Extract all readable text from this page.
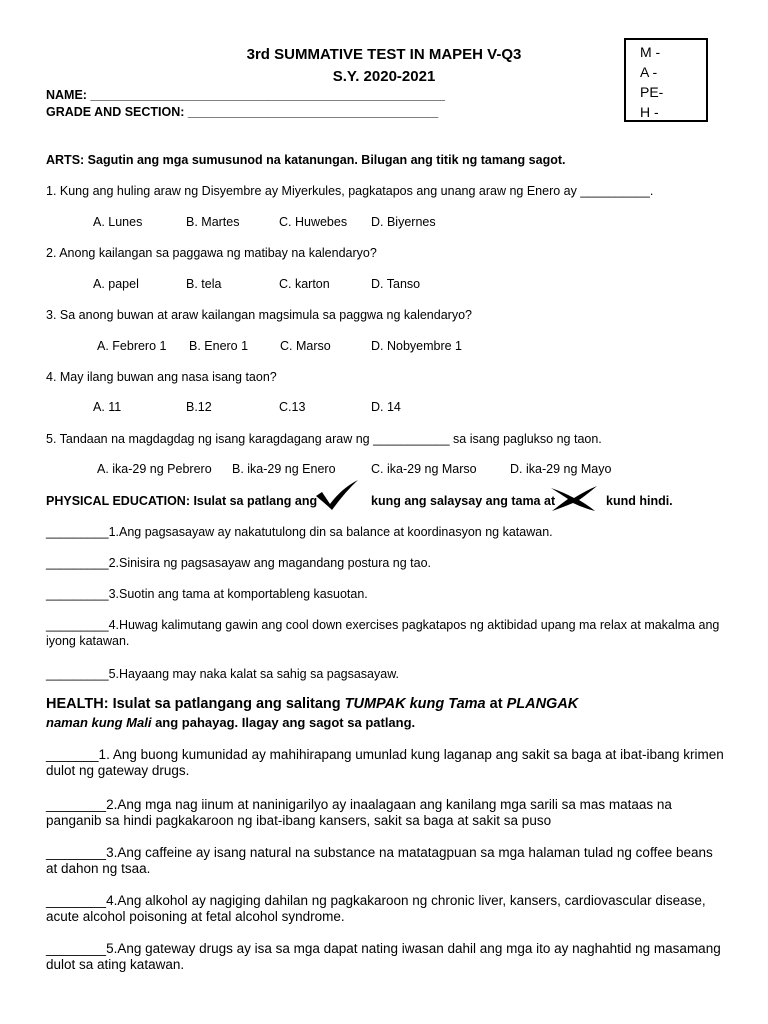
3rd SUMMATIVE TEST IN MAPEH V-Q3
S.Y. 2020-2021
NAME: ___________________________________________________
GRADE AND SECTION: ____________________________________
M -
A -
PE-
H -
ARTS: Sagutin ang mga sumusunod na katanungan. Bilugan ang titik ng tamang sagot.
1. Kung ang huling araw ng Disyembre ay Miyerkules, pagkatapos ang unang araw ng Enero ay __________.
A. Lunes	B. Martes	C. Huwebes D. Biyernes
2. Anong kailangan sa paggawa ng matibay na kalendaryo?
A. papel	B. tela	C. karton	D. Tanso
3. Sa anong buwan at araw kailangan magsimula sa paggwa ng kalendaryo?
A. Febrero 1 B. Enero 1	C. Marso	D. Nobyembre 1
4. May ilang buwan ang nasa isang taon?
A. 11	B.12	C.13	D. 14
5. Tandaan na magdagdag ng isang karagdagang araw ng ___________ sa isang paglukso ng taon.
A. ika-29 ng Pebrero B. ika-29 ng Enero	C. ika-29 ng Marso	D. ika-29 ng Mayo
PHYSICAL EDUCATION: Isulat sa patlang ang	kung ang salaysay ang tama at	kund hindi.
_________1.Ang pagsasayaw ay nakatutulong din sa balance at koordinasyon ng katawan.
_________2.Sinisira ng pagsasayaw ang magandang postura ng tao.
_________3.Suotin ang tama at komportableng kasuotan.
_________4.Huwag kalimutang gawin ang cool down exercises pagkatapos ng aktibidad upang ma relax at makalma ang iyong katawan.
_________5.Hayaang may naka kalat sa sahig sa pagsasayaw.
HEALTH: Isulat sa patlangang ang salitang TUMPAK kung Tama at PLANGAK
naman kung Mali ang pahayag. Ilagay ang sagot sa patlang.
_______1. Ang buong kumunidad ay mahihirapang umunlad kung laganap ang sakit sa baga at ibat-ibang krimen dulot ng gateway drugs.
________2.Ang mga nag iinum at naninigarilyo ay inaalagaan ang kanilang mga sarili sa mas mataas na panganib sa hindi pagkakaroon ng ibat-ibang kansers, sakit sa baga at sakit sa puso
________3.Ang caffeine ay isang natural na substance na matatagpuan sa mga halaman tulad ng coffee beans at dahon ng tsaa.
________4.Ang alkohol ay nagiging dahilan ng pagkakaroon ng chronic liver, kansers, cardiovascular disease, acute alcohol poisoning at fetal alcohol syndrome.
________5.Ang gateway drugs ay isa sa mga dapat nating iwasan dahil ang mga ito ay naghahtid ng masamang dulot sa ating katawan.
